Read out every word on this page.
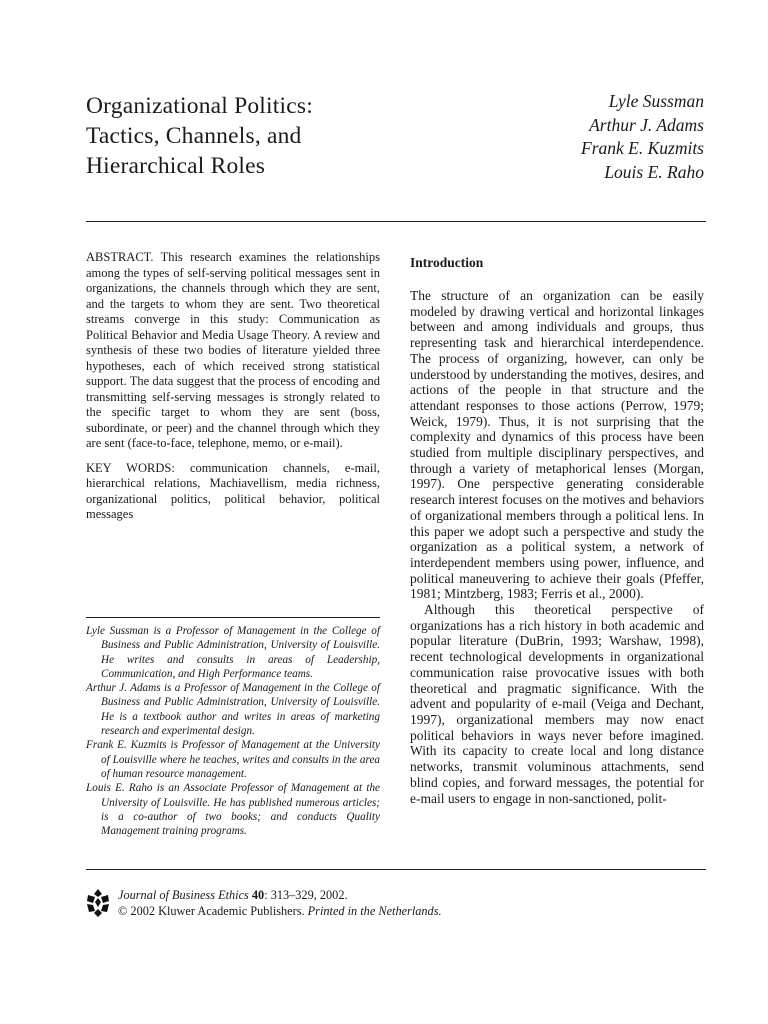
Organizational Politics:
Tactics, Channels, and
Hierarchical Roles
Lyle Sussman
Arthur J. Adams
Frank E. Kuzmits
Louis E. Raho

ABSTRACT. This research examines the relationships among the types of self-serving political messages sent in organizations, the channels through which they are sent, and the targets to whom they are sent. Two theoretical streams converge in this study: Communication as Political Behavior and Media Usage Theory. A review and synthesis of these two bodies of literature yielded three hypotheses, each of which received strong statistical support. The data suggest that the process of encoding and transmitting self-serving messages is strongly related to the specific target to whom they are sent (boss, subordinate, or peer) and the channel through which they are sent (face-to-face, telephone, memo, or e-mail).

KEY WORDS: communication channels, e-mail, hierarchical relations, Machiavellism, media richness, organizational politics, political behavior, political messages

Lyle Sussman is a Professor of Management in the College of Business and Public Administration, University of Louisville. He writes and consults in areas of Leadership, Communication, and High Performance teams.

Arthur J. Adams is a Professor of Management in the College of Business and Public Administration, University of Louisville. He is a textbook author and writes in areas of marketing research and experimental design.

Frank E. Kuzmits is Professor of Management at the University of Louisville where he teaches, writes and consults in the area of human resource management.

Louis E. Raho is an Associate Professor of Management at the University of Louisville. He has published numerous articles; is a co-author of two books; and conducts Quality Management training programs.

Introduction

The structure of an organization can be easily modeled by drawing vertical and horizontal linkages between and among individuals and groups, thus representing task and hierarchical interdependence. The process of organizing, however, can only be understood by understanding the motives, desires, and actions of the people in that structure and the attendant responses to those actions (Perrow, 1979; Weick, 1979). Thus, it is not surprising that the complexity and dynamics of this process have been studied from multiple disciplinary perspectives, and through a variety of metaphorical lenses (Morgan, 1997). One perspective generating considerable research interest focuses on the motives and behaviors of organizational members through a political lens. In this paper we adopt such a perspective and study the organization as a political system, a network of interdependent members using power, influence, and political maneuvering to achieve their goals (Pfeffer, 1981; Mintzberg, 1983; Ferris et al., 2000).

Although this theoretical perspective of organizations has a rich history in both academic and popular literature (DuBrin, 1993; Warshaw, 1998), recent technological developments in organizational communication raise provocative issues with both theoretical and pragmatic significance. With the advent and popularity of e-mail (Veiga and Dechant, 1997), organizational members may now enact political behaviors in ways never before imagined. With its capacity to create local and long distance networks, transmit voluminous attachments, send blind copies, and forward messages, the potential for e-mail users to engage in non-sanctioned, polit-

Journal of Business Ethics 40: 313–329, 2002.
© 2002 Kluwer Academic Publishers. Printed in the Netherlands.
